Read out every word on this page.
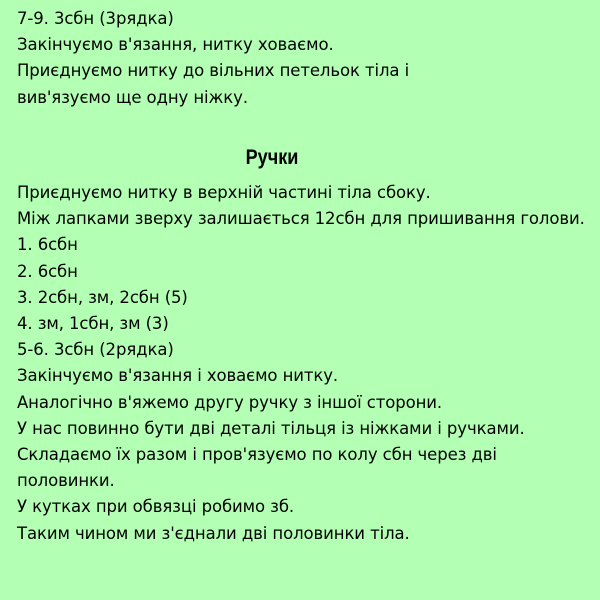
7-9. 3сбн (3рядка)
Закінчуємо в'язання, нитку ховаємо.
Приєднуємо нитку до вільних петельок тіла і
вив'язуємо ще одну ніжку.
Ручки
Приєднуємо нитку в верхній частині тіла сбоку.
Між лапками зверху залишається 12сбн для пришивання голови.
1. 6сбн
2. 6сбн
3. 2сбн, зм, 2сбн (5)
4. зм, 1сбн, зм (3)
5-6. 3сбн (2рядка)
Закінчуємо в'язання і ховаємо нитку.
Аналогічно в'яжемо другу ручку з іншої сторони.
У нас повинно бути дві деталі тільця із ніжками і ручками.
Складаємо їх разом і пров'язуємо по колу сбн через дві
половинки.
У кутках при обвязці робимо зб.
Таким чином ми з'єднали дві половинки тіла.
